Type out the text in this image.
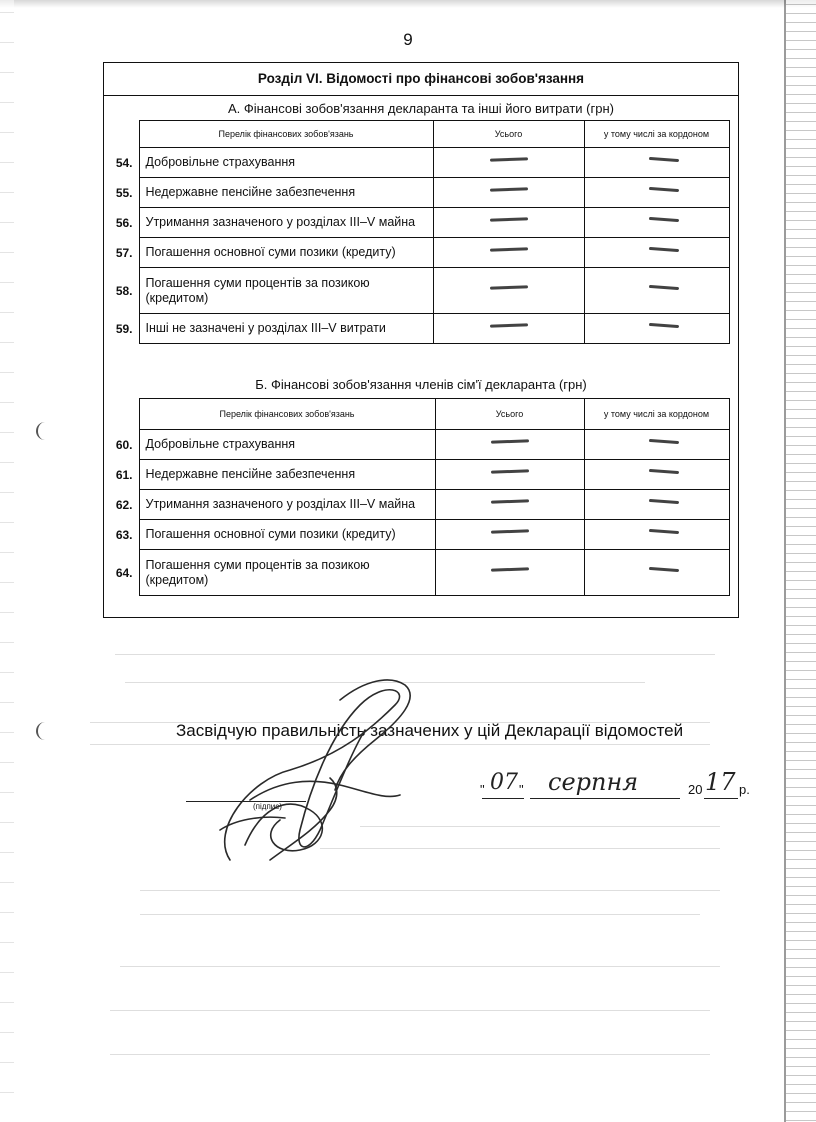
9
Розділ VI. Відомості про фінансові зобов'язання
А. Фінансові зобов'язання декларанта та інші його витрати (грн)
	Перелік фінансових зобов'язань	Усього	у тому числі за кордоном
54.	Добровільне страхування	

55.	Недержавне пенсійне забезпечення	

56.	Утримання зазначеного у розділах III–V майна	

57.	Погашення основної суми позики (кредиту)	

58.	Погашення суми процентів за позикою (кредитом)	

59.	Інші не зазначені у розділах III–V витрати	

Б. Фінансові зобов'язання членів сім'ї декларанта (грн)
	Перелік фінансових зобов'язань	Усього	у тому числі за кордоном
60.	Добровільне страхування	

61.	Недержавне пенсійне забезпечення	

62.	Утримання зазначеного у розділах III–V майна	

63.	Погашення основної суми позики (кредиту)	

64.	Погашення суми процентів за позикою (кредитом)	

Засвідчую правильність зазначених у цій Декларації відомостей
(підпис)
" 07 " серпня	20 17 р.
